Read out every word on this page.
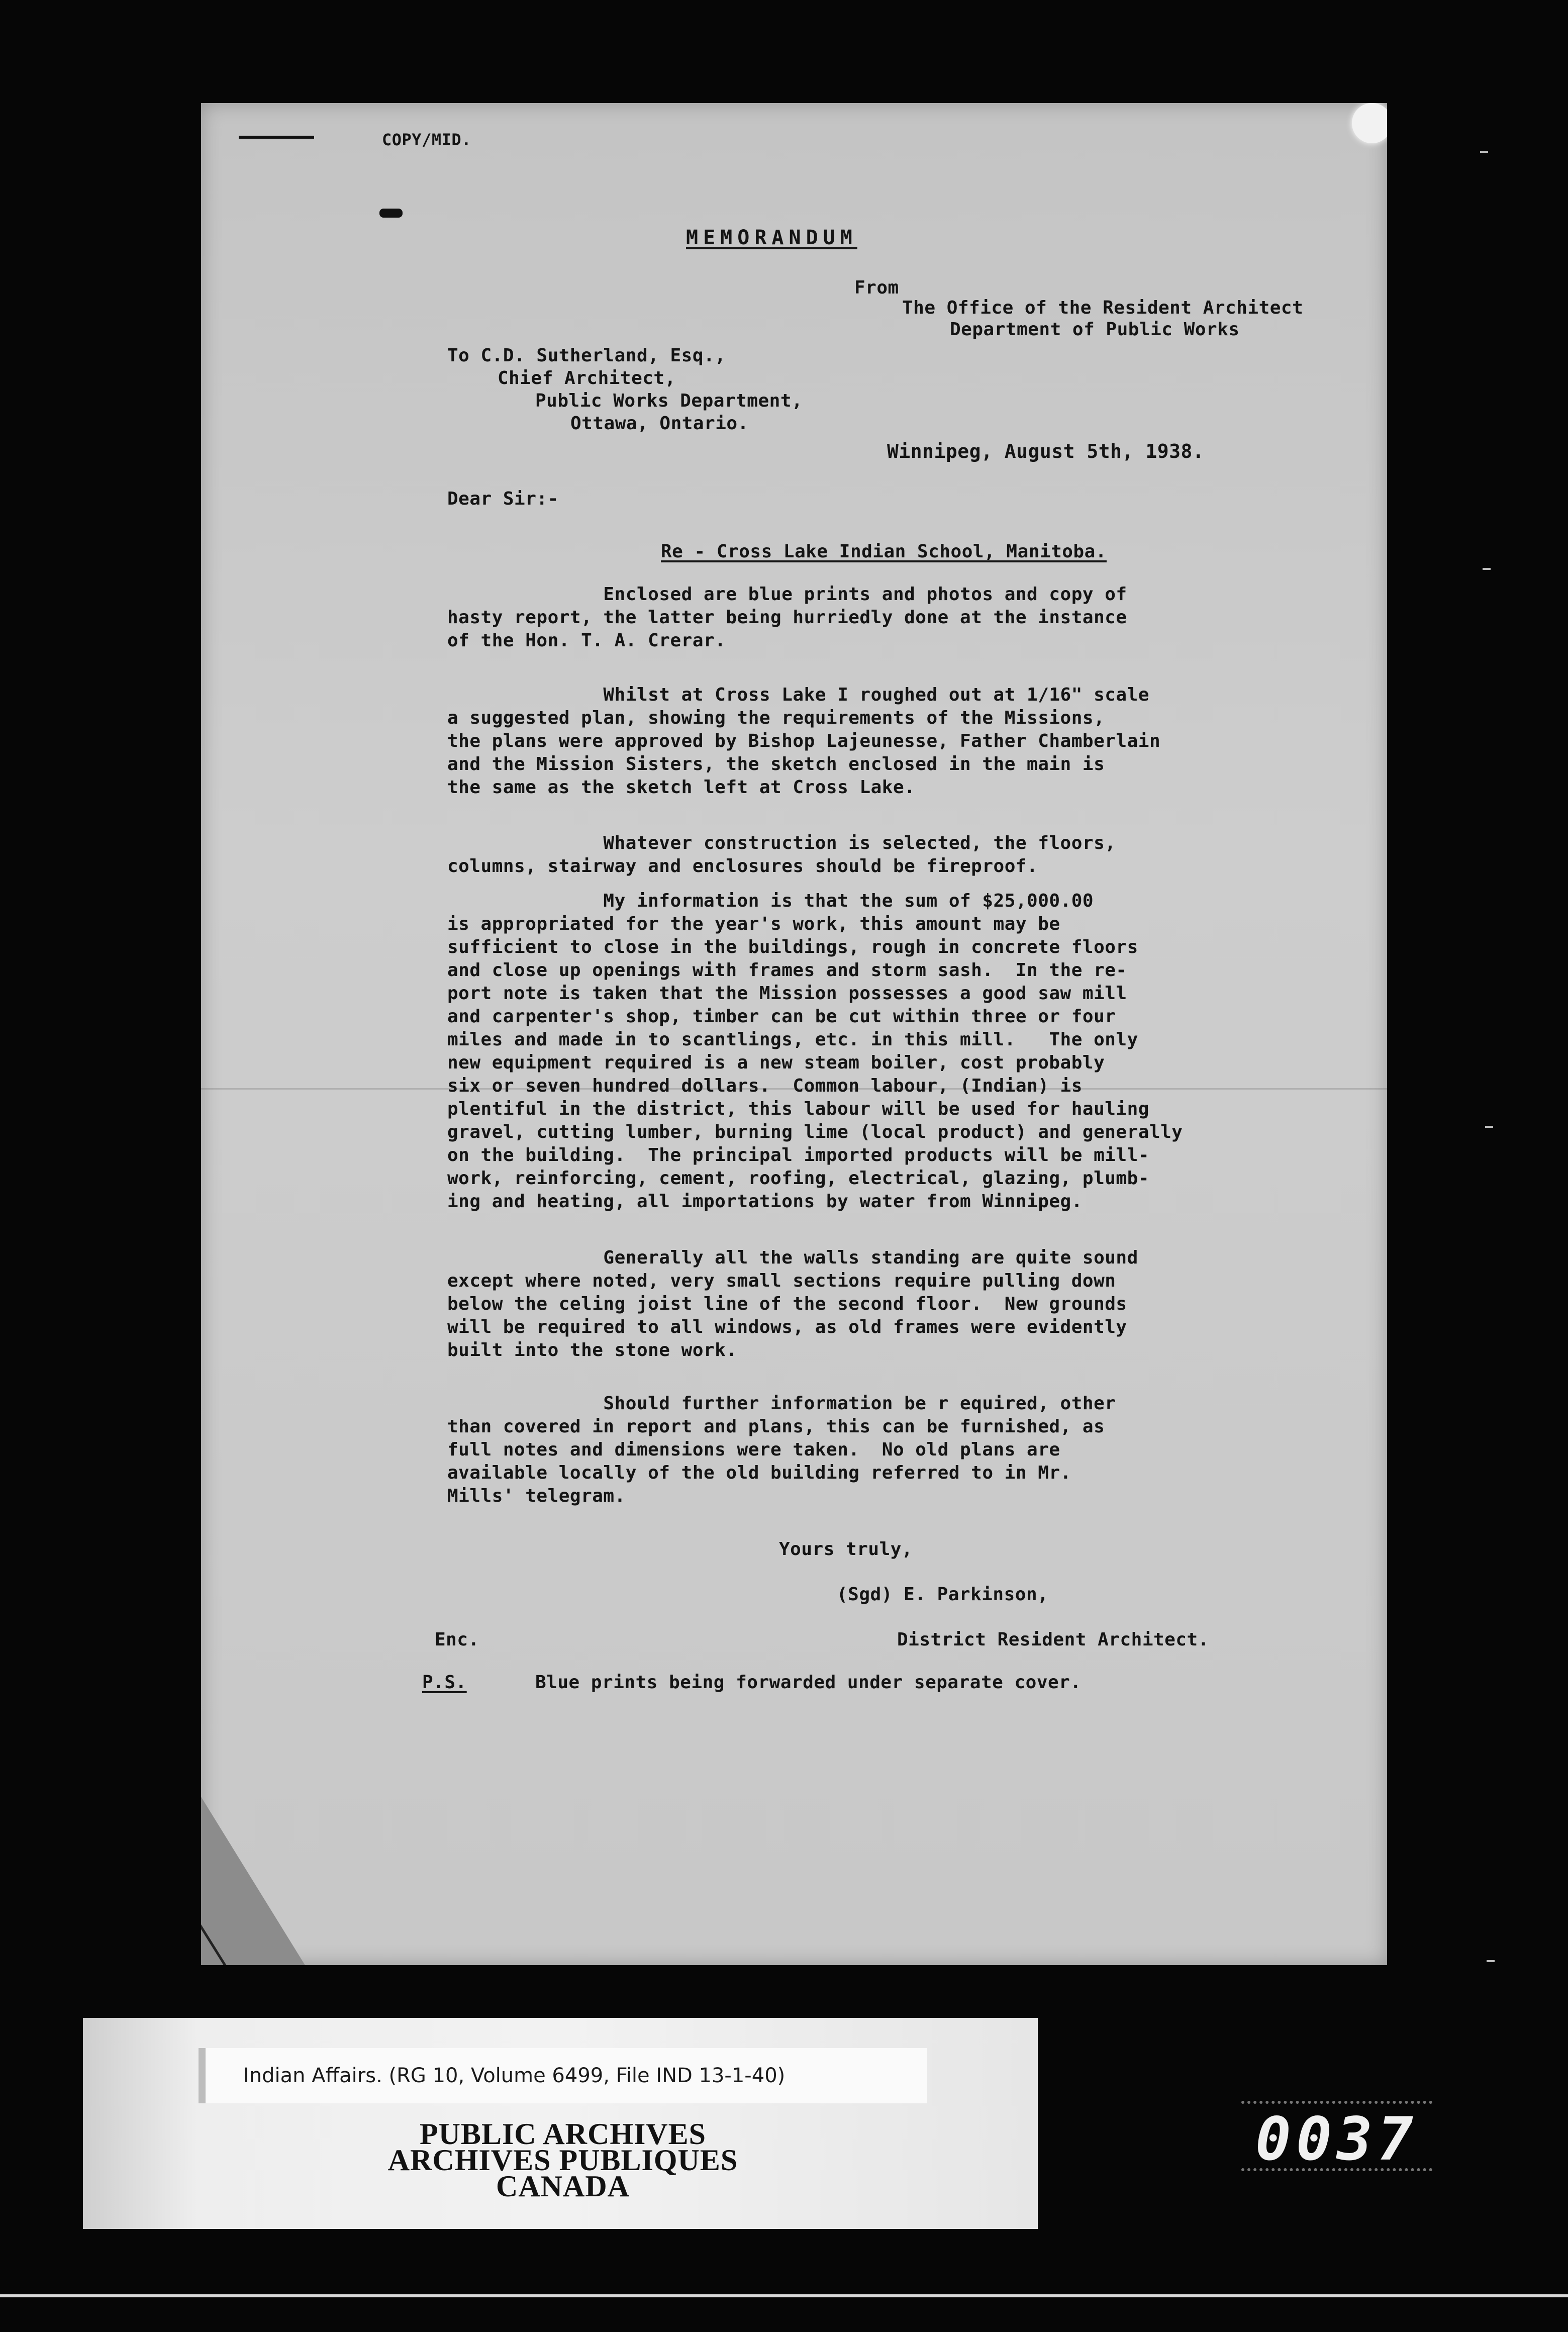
COPY/MID.
MEMORANDUM
From
The Office of the Resident Architect
Department of Public Works
To C.D. Sutherland, Esq.,
Chief Architect,
Public Works Department,
Ottawa, Ontario.
Winnipeg, August 5th, 1938.
Dear Sir:-
Re - Cross Lake Indian School, Manitoba.
Enclosed are blue prints and photos and copy of
hasty report, the latter being hurriedly done at the instance
of the Hon. T. A. Crerar.
Whilst at Cross Lake I roughed out at 1/16" scale
a suggested plan, showing the requirements of the Missions,
the plans were approved by Bishop Lajeunesse, Father Chamberlain
and the Mission Sisters, the sketch enclosed in the main is
the same as the sketch left at Cross Lake.
Whatever construction is selected, the floors,
columns, stairway and enclosures should be fireproof.
My information is that the sum of $25,000.00
is appropriated for the year's work, this amount may be
sufficient to close in the buildings, rough in concrete floors
and close up openings with frames and storm sash.  In the re-
port note is taken that the Mission possesses a good saw mill
and carpenter's shop, timber can be cut within three or four
miles and made in to scantlings, etc. in this mill.   The only
new equipment required is a new steam boiler, cost probably
six or seven hundred dollars.  Common labour, (Indian) is
plentiful in the district, this labour will be used for hauling
gravel, cutting lumber, burning lime (local product) and generally
on the building.  The principal imported products will be mill-
work, reinforcing, cement, roofing, electrical, glazing, plumb-
ing and heating, all importations by water from Winnipeg.
Generally all the walls standing are quite sound
except where noted, very small sections require pulling down
below the celing joist line of the second floor.  New grounds
will be required to all windows, as old frames were evidently
built into the stone work.
Should further information be r equired, other
than covered in report and plans, this can be furnished, as
full notes and dimensions were taken.  No old plans are
available locally of the old building referred to in Mr.
Mills' telegram.
Yours truly,
(Sgd) E. Parkinson,
Enc.	District Resident Architect.
P.S.	Blue prints being forwarded under separate cover.
Indian Affairs. (RG 10, Volume 6499, File IND 13-1-40)
PUBLIC ARCHIVES
ARCHIVES PUBLIQUES
CANADA
0037
